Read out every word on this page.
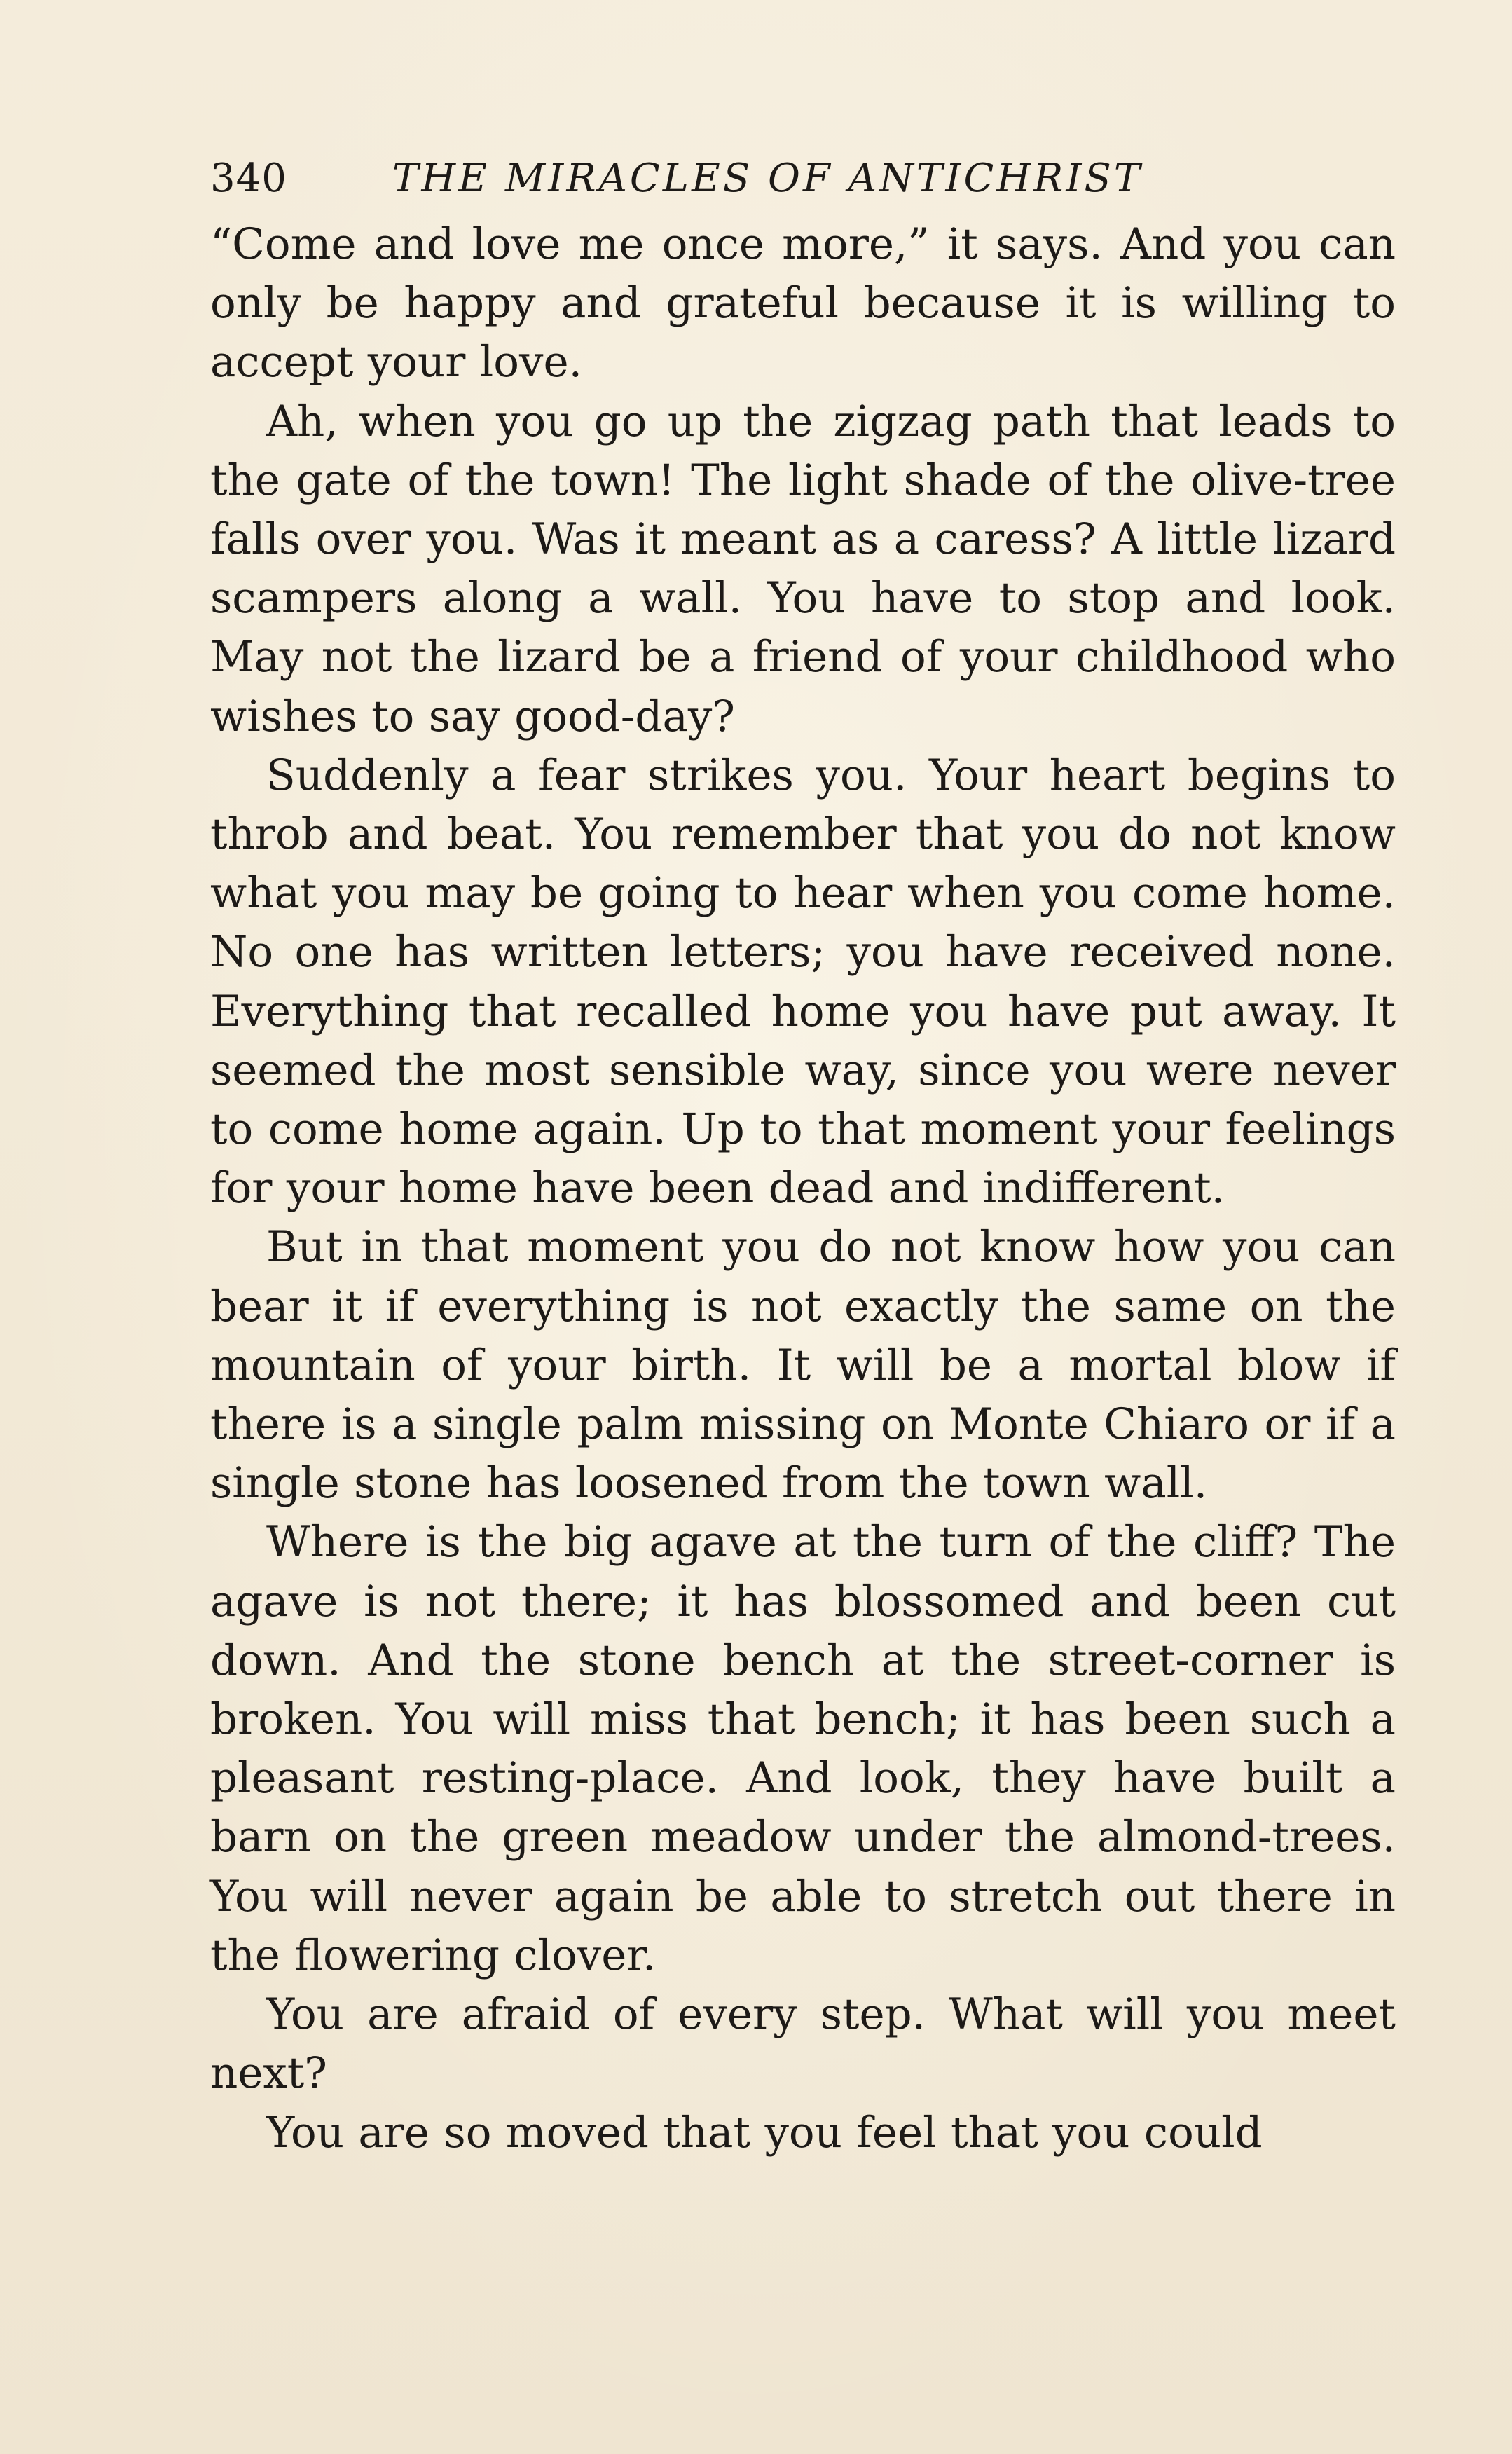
340	THE MIRACLES OF ANTICHRIST

“Come and love me once more,” it says. And you can only be happy and grateful because it is willing to accept your love.

Ah, when you go up the zigzag path that leads to the gate of the town! The light shade of the olive-tree falls over you. Was it meant as a caress? A little lizard scampers along a wall. You have to stop and look. May not the lizard be a friend of your childhood who wishes to say good-day?

Suddenly a fear strikes you. Your heart begins to throb and beat. You remember that you do not know what you may be going to hear when you come home. No one has written letters; you have received none. Everything that recalled home you have put away. It seemed the most sensible way, since you were never to come home again. Up to that moment your feelings for your home have been dead and indifferent.

But in that moment you do not know how you can bear it if everything is not exactly the same on the mountain of your birth. It will be a mortal blow if there is a single palm missing on Monte Chiaro or if a single stone has loosened from the town wall.

Where is the big agave at the turn of the cliff? The agave is not there; it has blossomed and been cut down. And the stone bench at the street-corner is broken. You will miss that bench; it has been such a pleasant resting-place. And look, they have built a barn on the green meadow under the almond-trees. You will never again be able to stretch out there in the flowering clover.

You are afraid of every step. What will you meet next?

You are so moved that you feel that you could
